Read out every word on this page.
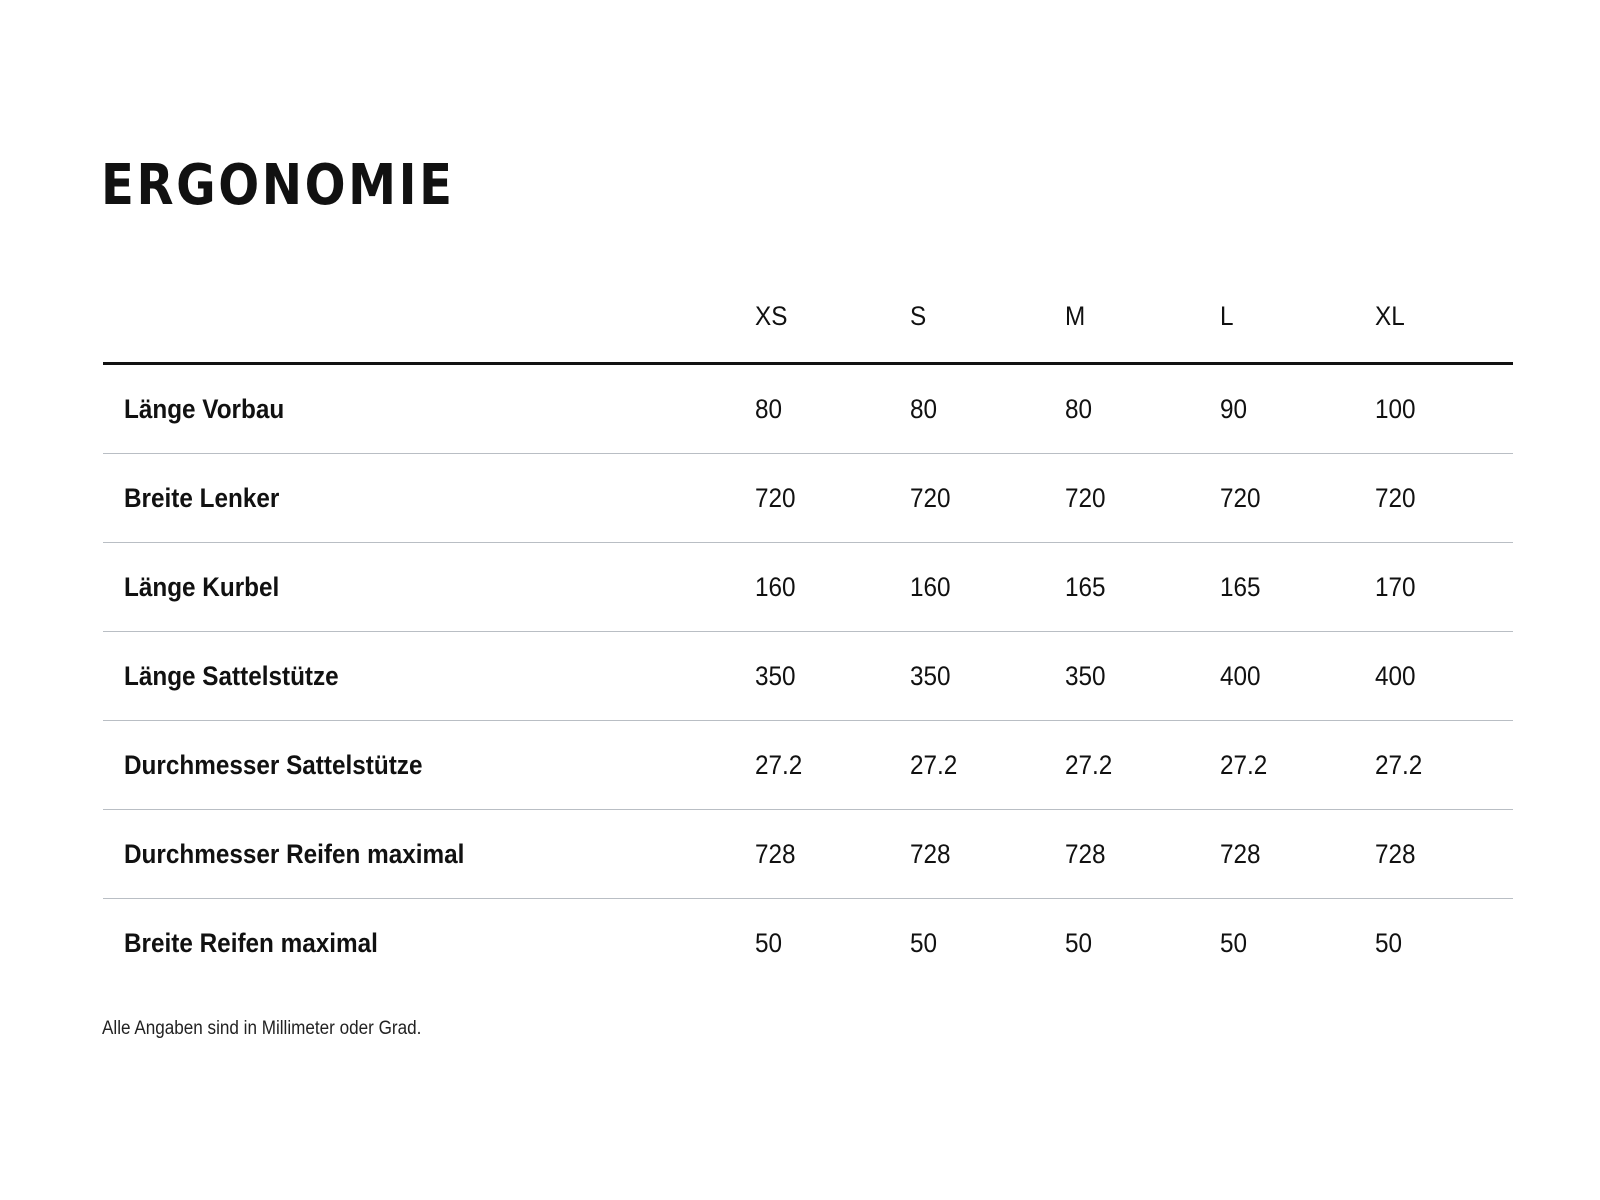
ERGONOMIE
	XS	S	M	L	XL
Länge Vorbau	80	80	80	90	100
Breite Lenker	720	720	720	720	720
Länge Kurbel	160	160	165	165	170
Länge Sattelstütze	350	350	350	400	400
Durchmesser Sattelstütze	27.2	27.2	27.2	27.2	27.2
Durchmesser Reifen maximal	728	728	728	728	728
Breite Reifen maximal	50	50	50	50	50

Alle Angaben sind in Millimeter oder Grad.
